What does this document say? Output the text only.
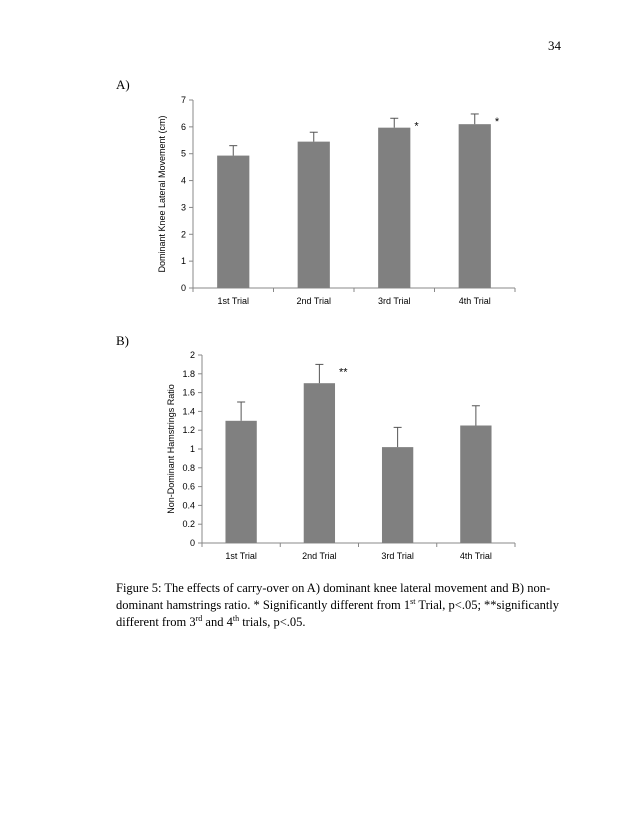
34
A)
0
1
2
3
4
5
6
7
1st Trial	2nd Trial
*
3rd Trial
*
4th Trial
Dominant Knee Lateral Movement (cm)
B)
0
0.2
0.4
0.6
0.8
1
1.2
1.4
1.6
1.8
2
1st Trial
**
2nd Trial	3rd Trial	4th Trial
Non-Dominant Hamstrings Ratio
Figure 5: The effects of carry-over on A) dominant knee lateral movement and B) non-dominant hamstrings ratio. * Significantly different from 1st Trial, p<.05; **significantly different from 3rd and 4th trials, p<.05.
